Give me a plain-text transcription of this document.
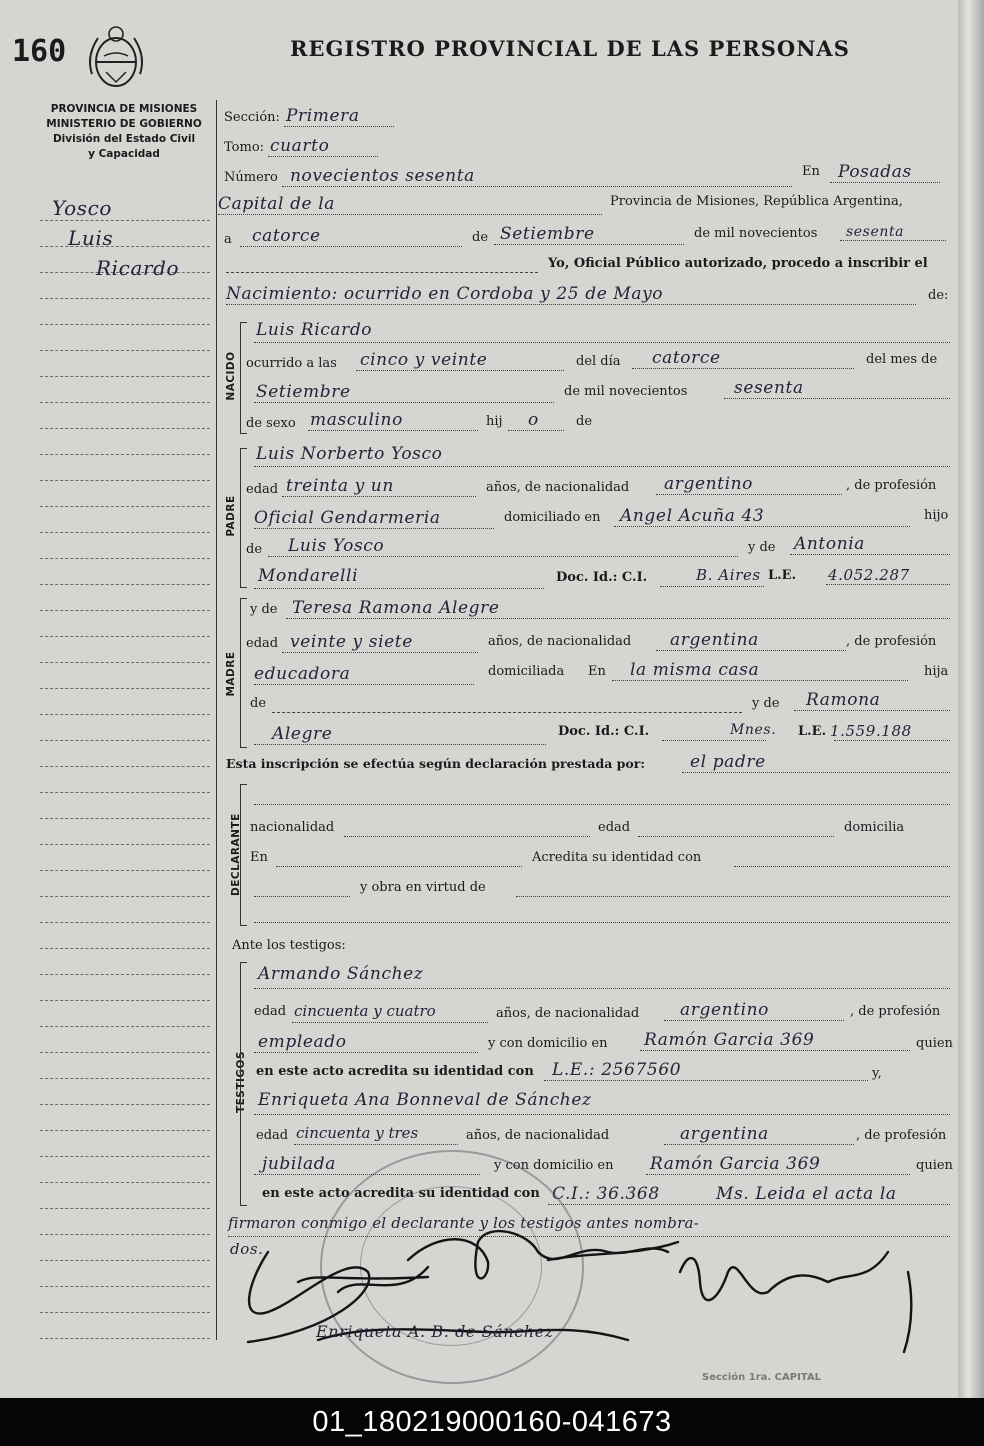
160	REGISTRO PROVINCIAL DE LAS PERSONAS
PROVINCIA DE MISIONES
MINISTERIO DE GOBIERNO
División del Estado Civil
y Capacidad
Yosco
Luis
Ricardo
Sección: Primera
Tomo: cuarto
Número novecientos sesenta	En Posadas
Capital de la	Provincia de Misiones, República Argentina,
a catorce	de Setiembre	de mil novecientos sesenta
Yo, Oficial Público autorizado, procedo a inscribir el
Nacimiento: ocurrido en Cordoba y 25 de Mayo	de:
NACIDO
Luis Ricardo
ocurrido a las cinco y veinte	del día catorce	del mes de
Setiembre	de mil novecientos	sesenta
de sexo masculino	hij o	de
PADRE
Luis Norberto Yosco
edad treinta y un	años, de nacionalidad argentino	, de profesión
Oficial Gendarmeria	domiciliado en Angel Acuña 43	hijo
de Luis Yosco	y de Antonia
Mondarelli	Doc. Id.: C.I.	B. Aires L.E. 4.052.287
MADRE
y de Teresa Ramona Alegre
edad veinte y siete	años, de nacionalidad argentina	, de profesión
educadora	domiciliada En la misma casa	hija
de	y de Ramona
Alegre	Doc. Id.: C.I.	Mnes. L.E. 1.559.188
Esta inscripción se efectúa según declaración prestada por:	el padre
DECLARANTE nacionalidad	edad	domicilia
En	Acredita su identidad con
y obra en virtud de
Ante los testigos:
TESTIGOS
Armando Sánchez
edad cincuenta y cuatro	años, de nacionalidad argentino	, de profesión
empleado	y con domicilio en Ramón Garcia 369	quien
en este acto acredita su identidad con L.E.: 2567560	y,
Enriqueta Ana Bonneval de Sánchez
edad cincuenta y tres	años, de nacionalidad	argentina	, de profesión
jubilada	y con domicilio en Ramón Garcia 369	quien
en este acto acredita su identidad con C.I.: 36.368	Ms. Leida el acta la
firmaron conmigo el declarante y los testigos antes nombra-
dos.
Enriqueta A. B. de Sánchez
Sección 1ra. CAPITAL
01_180219000160-041673
